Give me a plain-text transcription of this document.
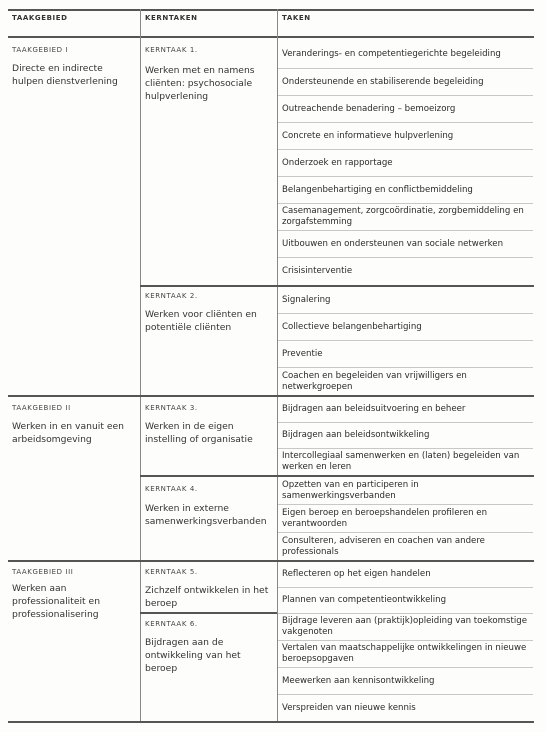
TAAKGEBIED	KERNTAKEN	TAKEN
TAAKGEBIED I
Directe en indirecte hulpen dienstverlening
TAAKGEBIED II
Werken in en vanuit een arbeidsomgeving
TAAKGEBIED III
Werken aan professionaliteit en professionalisering
KERNTAAK 1.
Werken met en namens cliënten: psychosociale hulpverlening
KERNTAAK 2.
Werken voor cliënten en potentiële cliënten
KERNTAAK 3.
Werken in de eigen instelling of organisatie
KERNTAAK 4.
Werken in externe samenwerkingsverbanden
KERNTAAK 5.
Zichzelf ontwikkelen in het beroep
KERNTAAK 6.
Bijdragen aan de ontwikkeling van het beroep
Veranderings- en competentiegerichte begeleiding
Ondersteunende en stabiliserende begeleiding
Outreachende benadering – bemoeizorg
Concrete en informatieve hulpverlening
Onderzoek en rapportage
Belangenbehartiging en conflictbemiddeling
Casemanagement, zorgcoördinatie, zorgbemiddeling en zorgafstemming
Uitbouwen en ondersteunen van sociale netwerken
Crisisinterventie
Signalering
Collectieve belangenbehartiging
Preventie
Coachen en begeleiden van vrijwilligers en netwerkgroepen
Bijdragen aan beleidsuitvoering en beheer
Bijdragen aan beleidsontwikkeling
Intercollegiaal samenwerken en (laten) begeleiden van werken en leren
Opzetten van en participeren in samenwerkingsverbanden
Eigen beroep en beroepshandelen profileren en verantwoorden
Consulteren, adviseren en coachen van andere professionals
Reflecteren op het eigen handelen
Plannen van competentieontwikkeling
Bijdrage leveren aan (praktijk)opleiding van toekomstige vakgenoten
Vertalen van maatschappelijke ontwikkelingen in nieuwe beroepsopgaven
Meewerken aan kennisontwikkeling
Verspreiden van nieuwe kennis
